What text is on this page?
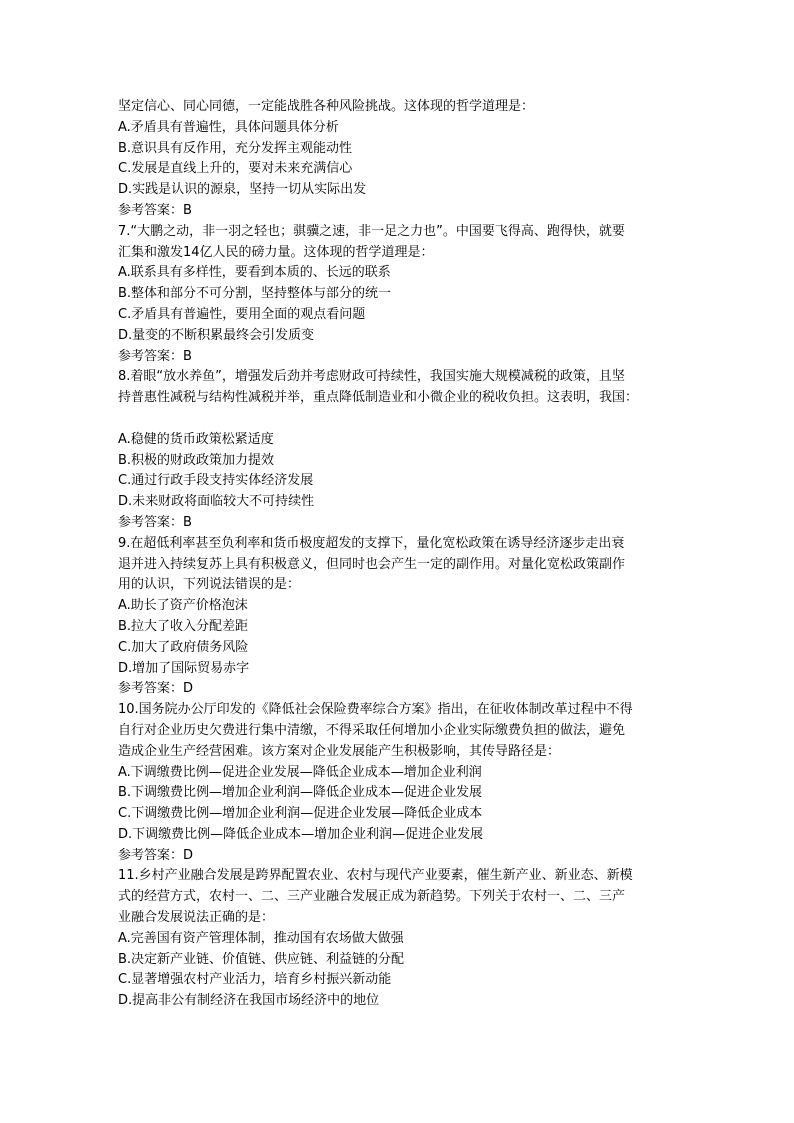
坚定信心、同心同德，一定能战胜各种风险挑战。这体现的哲学道理是：

A.矛盾具有普遍性，具体问题具体分析

B.意识具有反作用，充分发挥主观能动性

C.发展是直线上升的，要对未来充满信心

D.实践是认识的源泉，坚持一切从实际出发

参考答案：B

7.“大鹏之动，非一羽之轻也；骐骥之速，非一足之力也”。中国要飞得高、跑得快，就要

汇集和激发14亿人民的磅力量。这体现的哲学道理是：

A.联系具有多样性，要看到本质的、长远的联系

B.整体和部分不可分割，坚持整体与部分的统一

C.矛盾具有普遍性，要用全面的观点看问题

D.量变的不断积累最终会引发质变

参考答案：B

8.着眼“放水养鱼”，增强发后劲并考虑财政可持续性，我国实施大规模减税的政策，且坚

持普惠性减税与结构性减税并举，重点降低制造业和小微企业的税收负担。这表明，我国：

A.稳健的货币政策松紧适度

B.积极的财政政策加力提效

C.通过行政手段支持实体经济发展

D.未来财政将面临较大不可持续性

参考答案：B

9.在超低利率甚至负利率和货币极度超发的支撑下，量化宽松政策在诱导经济逐步走出衰

退并进入持续复苏上具有积极意义，但同时也会产生一定的副作用。对量化宽松政策副作

用的认识，下列说法错误的是：

A.助长了资产价格泡沫

B.拉大了收入分配差距

C.加大了政府债务风险

D.增加了国际贸易赤字

参考答案：D

10.国务院办公厅印发的《降低社会保险费率综合方案》指出，在征收体制改革过程中不得

自行对企业历史欠费进行集中清缴，不得采取任何增加小企业实际缴费负担的做法，避免

造成企业生产经营困难。该方案对企业发展能产生积极影响，其传导路径是：

A.下调缴费比例—促进企业发展—降低企业成本—增加企业利润

B.下调缴费比例—增加企业利润—降低企业成本—促进企业发展

C.下调缴费比例—增加企业利润—促进企业发展—降低企业成本

D.下调缴费比例—降低企业成本—增加企业利润—促进企业发展

参考答案：D

11.乡村产业融合发展是跨界配置农业、农村与现代产业要素，催生新产业、新业态、新模

式的经营方式，农村一、二、三产业融合发展正成为新趋势。下列关于农村一、二、三产

业融合发展说法正确的是：

A.完善国有资产管理体制，推动国有农场做大做强

B.决定新产业链、价值链、供应链、利益链的分配

C.显著增强农村产业活力，培育乡村振兴新动能

D.提高非公有制经济在我国市场经济中的地位
